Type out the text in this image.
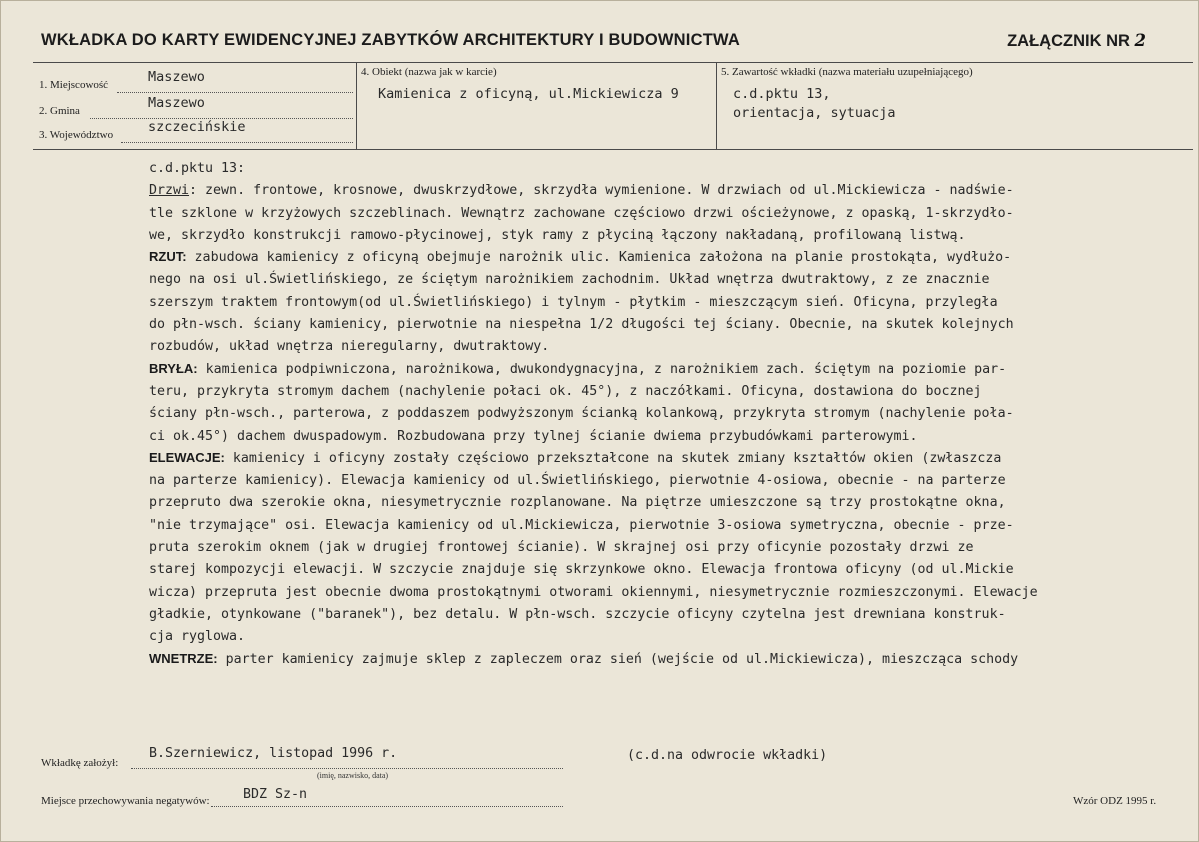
WKŁADKA DO KARTY EWIDENCYJNEJ ZABYTKÓW ARCHITEKTURY I BUDOWNICTWA	ZAŁĄCZNIK NR 2
1. Miejscowość	Maszewo
2. Gmina	Maszewo
3. Województwo	szczecińskie
4. Obiekt (nazwa jak w karcie)
Kamienica z oficyną, ul.Mickiewicza 9
5. Zawartość wkładki (nazwa materiału uzupełniającego)
c.d.pktu 13,
orientacja, sytuacja
c.d.pktu 13:
Drzwi: zewn. frontowe, krosnowe, dwuskrzydłowe, skrzydła wymienione. W drzwiach od ul.Mickiewicza - nadświe-
tle szklone w krzyżowych szczeblinach. Wewnątrz zachowane częściowo drzwi ościeżynowe, z opaską, 1-skrzydło-
we, skrzydło konstrukcji ramowo-płycinowej, styk ramy z płyciną łączony nakładaną, profilowaną listwą.
RZUT: zabudowa kamienicy z oficyną obejmuje narożnik ulic. Kamienica założona na planie prostokąta, wydłużo-
nego na osi ul.Świetlińskiego, ze ściętym narożnikiem zachodnim. Układ wnętrza dwutraktowy, z ze znacznie
szerszym traktem frontowym(od ul.Świetlińskiego) i tylnym - płytkim - mieszczącym sień. Oficyna, przyległa
do płn-wsch. ściany kamienicy, pierwotnie na niespełna 1/2 długości tej ściany. Obecnie, na skutek kolejnych
rozbudów, układ wnętrza nieregularny, dwutraktowy.
BRYŁA: kamienica podpiwniczona, narożnikowa, dwukondygnacyjna, z narożnikiem zach. ściętym na poziomie par-
teru, przykryta stromym dachem (nachylenie połaci ok. 45°), z naczółkami. Oficyna, dostawiona do bocznej
ściany płn-wsch., parterowa, z poddaszem podwyższonym ścianką kolankową, przykryta stromym (nachylenie poła-
ci ok.45°) dachem dwuspadowym. Rozbudowana przy tylnej ścianie dwiema przybudówkami parterowymi.
ELEWACJE: kamienicy i oficyny zostały częściowo przekształcone na skutek zmiany kształtów okien (zwłaszcza
na parterze kamienicy). Elewacja kamienicy od ul.Świetlińskiego, pierwotnie 4-osiowa, obecnie - na parterze
przepruto dwa szerokie okna, niesymetrycznie rozplanowane. Na piętrze umieszczone są trzy prostokątne okna,
"nie trzymające" osi. Elewacja kamienicy od ul.Mickiewicza, pierwotnie 3-osiowa symetryczna, obecnie - prze-
pruta szerokim oknem (jak w drugiej frontowej ścianie). W skrajnej osi przy oficynie pozostały drzwi ze
starej kompozycji elewacji. W szczycie znajduje się skrzynkowe okno. Elewacja frontowa oficyny (od ul.Mickie
wicza) przepruta jest obecnie dwoma prostokątnymi otworami okiennymi, niesymetrycznie rozmieszczonymi. Elewacje
gładkie, otynkowane ("baranek"), bez detalu. W płn-wsch. szczycie oficyny czytelna jest drewniana konstruk-
cja ryglowa.
WNETRZE: parter kamienicy zajmuje sklep z zapleczem oraz sień (wejście od ul.Mickiewicza), mieszcząca schody
Wkładkę założył:
B.Szerniewicz, listopad 1996 r.
(imię, nazwisko, data)
(c.d.na odwrocie wkładki)
Miejsce przechowywania negatywów:	BDZ Sz-n	Wzór ODZ 1995 r.
